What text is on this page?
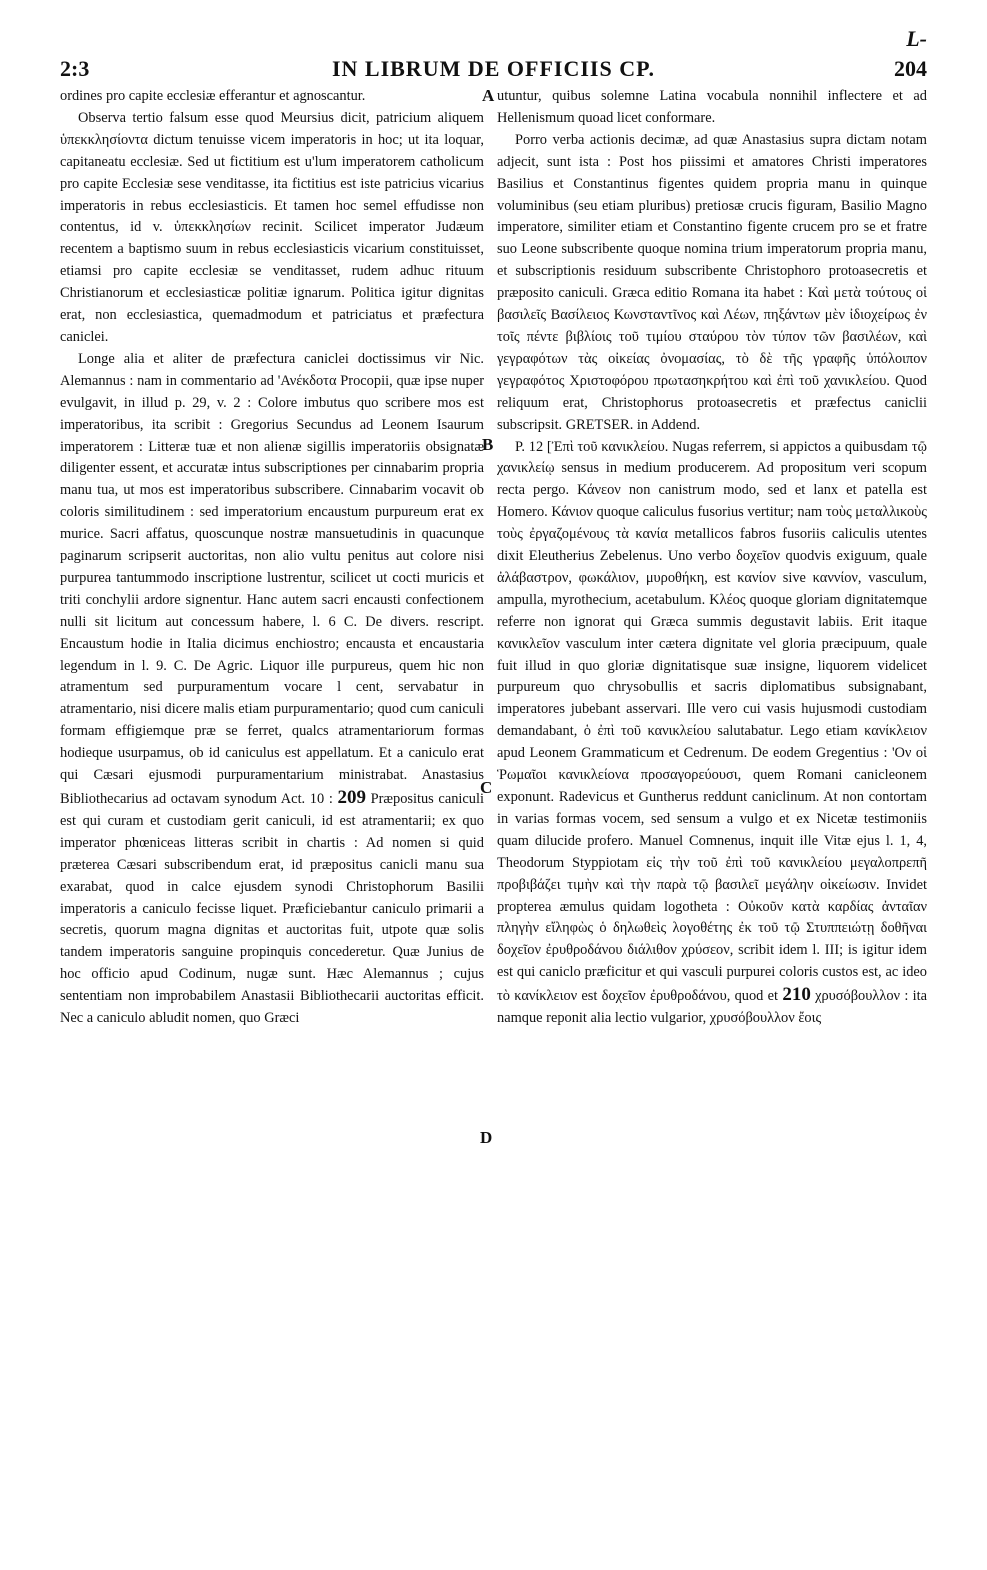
2:3	IN LIBRUM DE OFFICIIS CP.	204
L-
A
B
C
D

ordines pro capite ecclesiæ efferantur et agnoscantur.

Observa tertio falsum esse quod Meursius dicit, patricium aliquem ὑπεκκλησίοντα dictum tenuisse vicem imperatoris in hoc; ut ita loquar, capitaneatu ecclesiæ. Sed ut fictitium est u'lum imperatorem catholicum pro capite Ecclesiæ sese venditasse, ita fictitius est iste patricius vicarius imperatoris in rebus ecclesiasticis. Et tamen hoc semel effudisse non contentus, id v. ὑπεκκλησίων recinit. Scilicet imperator Judæum recentem a baptismo suum in rebus ecclesiasticis vicarium constituisset, etiamsi pro capite ecclesiæ se venditasset, rudem adhuc rituum Christianorum et ecclesiasticæ politiæ ignarum. Politica igitur dignitas erat, non ecclesiastica, quemadmodum et patriciatus et præfectura caniclei.

Longe alia et aliter de præfectura caniclei doctissimus vir Nic. Alemannus : nam in commentario ad 'Ανέκδοτα Procopii, quæ ipse nuper evulgavit, in illud p. 29, v. 2 : Colore imbutus quo scribere mos est imperatoribus, ita scribit : Gregorius Secundus ad Leonem Isaurum imperatorem : Litteræ tuæ et non alienæ sigillis imperatoriis obsignatæ diligenter essent, et accuratæ intus subscriptiones per cinnabarim propria manu tua, ut mos est imperatoribus subscribere. Cinnabarim vocavit ob coloris similitudinem : sed imperatorium encaustum purpureum erat ex murice. Sacri affatus, quoscunque nostræ mansuetudinis in quacunque paginarum scripserit auctoritas, non alio vultu penitus aut colore nisi purpurea tantummodo inscriptione lustrentur, scilicet ut cocti muricis et triti conchylii ardore signentur. Hanc autem sacri encausti confectionem nulli sit licitum aut concessum habere, l. 6 C. De divers. rescript. Encaustum hodie in Italia dicimus enchiostro; encausta et encaustaria legendum in l. 9. C. De Agric. Liquor ille purpureus, quem hic non atramentum sed purpuramentum vocare l cent, servabatur in atramentario, nisi dicere malis etiam purpuramentario; quod cum caniculi formam effigiemque præ se ferret, qualcs atramentariorum formas hodieque usurpamus, ob id caniculus est appellatum. Et a caniculo erat qui Cæsari ejusmodi purpuramentarium ministrabat. Anastasius Bibliothecarius ad octavam synodum Act. 10 : 209 Præpositus caniculi est qui curam et custodiam gerit caniculi, id est atramentarii; ex quo imperator phœniceas litteras scribit in chartis : Ad nomen si quid præterea Cæsari subscribendum erat, id præpositus canicli manu sua exarabat, quod in calce ejusdem synodi Christophorum Basilii imperatoris a caniculo fecisse liquet. Præficiebantur caniculo primarii a secretis, quorum magna dignitas et auctoritas fuit, utpote quæ solis tandem imperatoris sanguine propinquis concederetur. Quæ Junius de hoc officio apud Codinum, nugæ sunt. Hæc Alemannus ; cujus sententiam non improbabilem Anastasii Bibliothecarii auctoritas efficit. Nec a caniculo abludit nomen, quo Græci

utuntur, quibus solemne Latina vocabula nonnihil inflectere et ad Hellenismum quoad licet conformare.

Porro verba actionis decimæ, ad quæ Anastasius supra dictam notam adjecit, sunt ista : Post hos piissimi et amatores Christi imperatores Basilius et Constantinus figentes quidem propria manu in quinque voluminibus (seu etiam pluribus) pretiosæ crucis figuram, Basilio Magno imperatore, similiter etiam et Constantino figente crucem pro se et fratre suo Leone subscribente quoque nomina trium imperatorum propria manu, et subscriptionis residuum subscribente Christophoro protoasecretis et præposito caniculi. Græca editio Romana ita habet : Καὶ μετὰ τούτους οἱ βασιλεῖς Βασίλειος Κωνσταντῖνος καὶ Λέων, πηξάντων μὲν ἰδιοχείρως ἐν τοῖς πέντε βιβλίοις τοῦ τιμίου σταύρου τὸν τύπον τῶν βασιλέων, καὶ γεγραφότων τὰς οἰκείας ὀνομασίας, τὸ δὲ τῆς γραφῆς ὑπόλοιπον γεγραφότος Χριστοφόρου πρωτασηκρήτου καὶ ἐπὶ τοῦ χανικλείου. Quod reliquum erat, Christophorus protoasecretis et præfectus caniclii subscripsit. GRETSER. in Addend.

P. 12 [Ἐπὶ τοῦ κανικλείου. Nugas referrem, si appictos a quibusdam τῷ χανικλείῳ sensus in medium producerem. Ad propositum veri scopum recta pergo. Κάνεον non canistrum modo, sed et lanx et patella est Homero. Κάνιον quoque caliculus fusorius vertitur; nam τοὺς μεταλλικοὺς τοὺς ἐργαζομένους τὰ κανία metallicos fabros fusoriis caliculis utentes dixit Eleutherius Zebelenus. Uno verbo δοχεῖον quodvis exiguum, quale ἀλάβαστρον, φωκάλιον, μυροθήκη, est κανίον sive καννίον, vasculum, ampulla, myrothecium, acetabulum. Κλέος quoque gloriam dignitatemque referre non ignorat qui Græca summis degustavit labiis. Erit itaque κανικλεῖον vasculum inter cætera dignitate vel gloria præcipuum, quale fuit illud in quo gloriæ dignitatisque suæ insigne, liquorem videlicet purpureum quo chrysobullis et sacris diplomatibus subsignabant, imperatores jubebant asservari. Ille vero cui vasis hujusmodi custodiam demandabant, ὁ ἐπὶ τοῦ κανικλείου salutabatur. Lego etiam κανίκλειον apud Leonem Grammaticum et Cedrenum. De eodem Gregentius : 'Ον οἱ Ῥωμαῖοι κανικλείονα προσαγορεύουσι, quem Romani canicleonem exponunt. Radevicus et Guntherus reddunt caniclinum. At non contortam in varias formas vocem, sed sensum a vulgo et ex Nicetæ testimoniis quam dilucide profero. Manuel Comnenus, inquit ille Vitæ ejus l. 1, 4, Theodorum Styppiotam εἰς τὴν τοῦ ἐπὶ τοῦ κανικλείου μεγαλοπρεπῆ προβιβάζει τιμὴν καὶ τὴν παρὰ τῷ βασιλεῖ μεγάλην οἰκείωσιν. Invidet propterea æmulus quidam logotheta : Οὐκοῦν κατὰ καρδίας ἀνταῖαν πληγὴν εἴληφὼς ὁ δηλωθεὶς λογοθέτης ἐκ τοῦ τῷ Στυππειώτῃ δοθῆναι δοχεῖον ἐρυθροδάνου διάλιθον χρύσεον, scribit idem l. III; is igitur idem est qui caniclo præficitur et qui vasculi purpurei coloris custos est, ac ideo τὸ κανίκλειον est δοχεῖον ἐρυθροδάνου, quod et 210 χρυσόβουλλον : ita namque reponit alia lectio vulgarior, χρυσόβουλλον ἔοις
